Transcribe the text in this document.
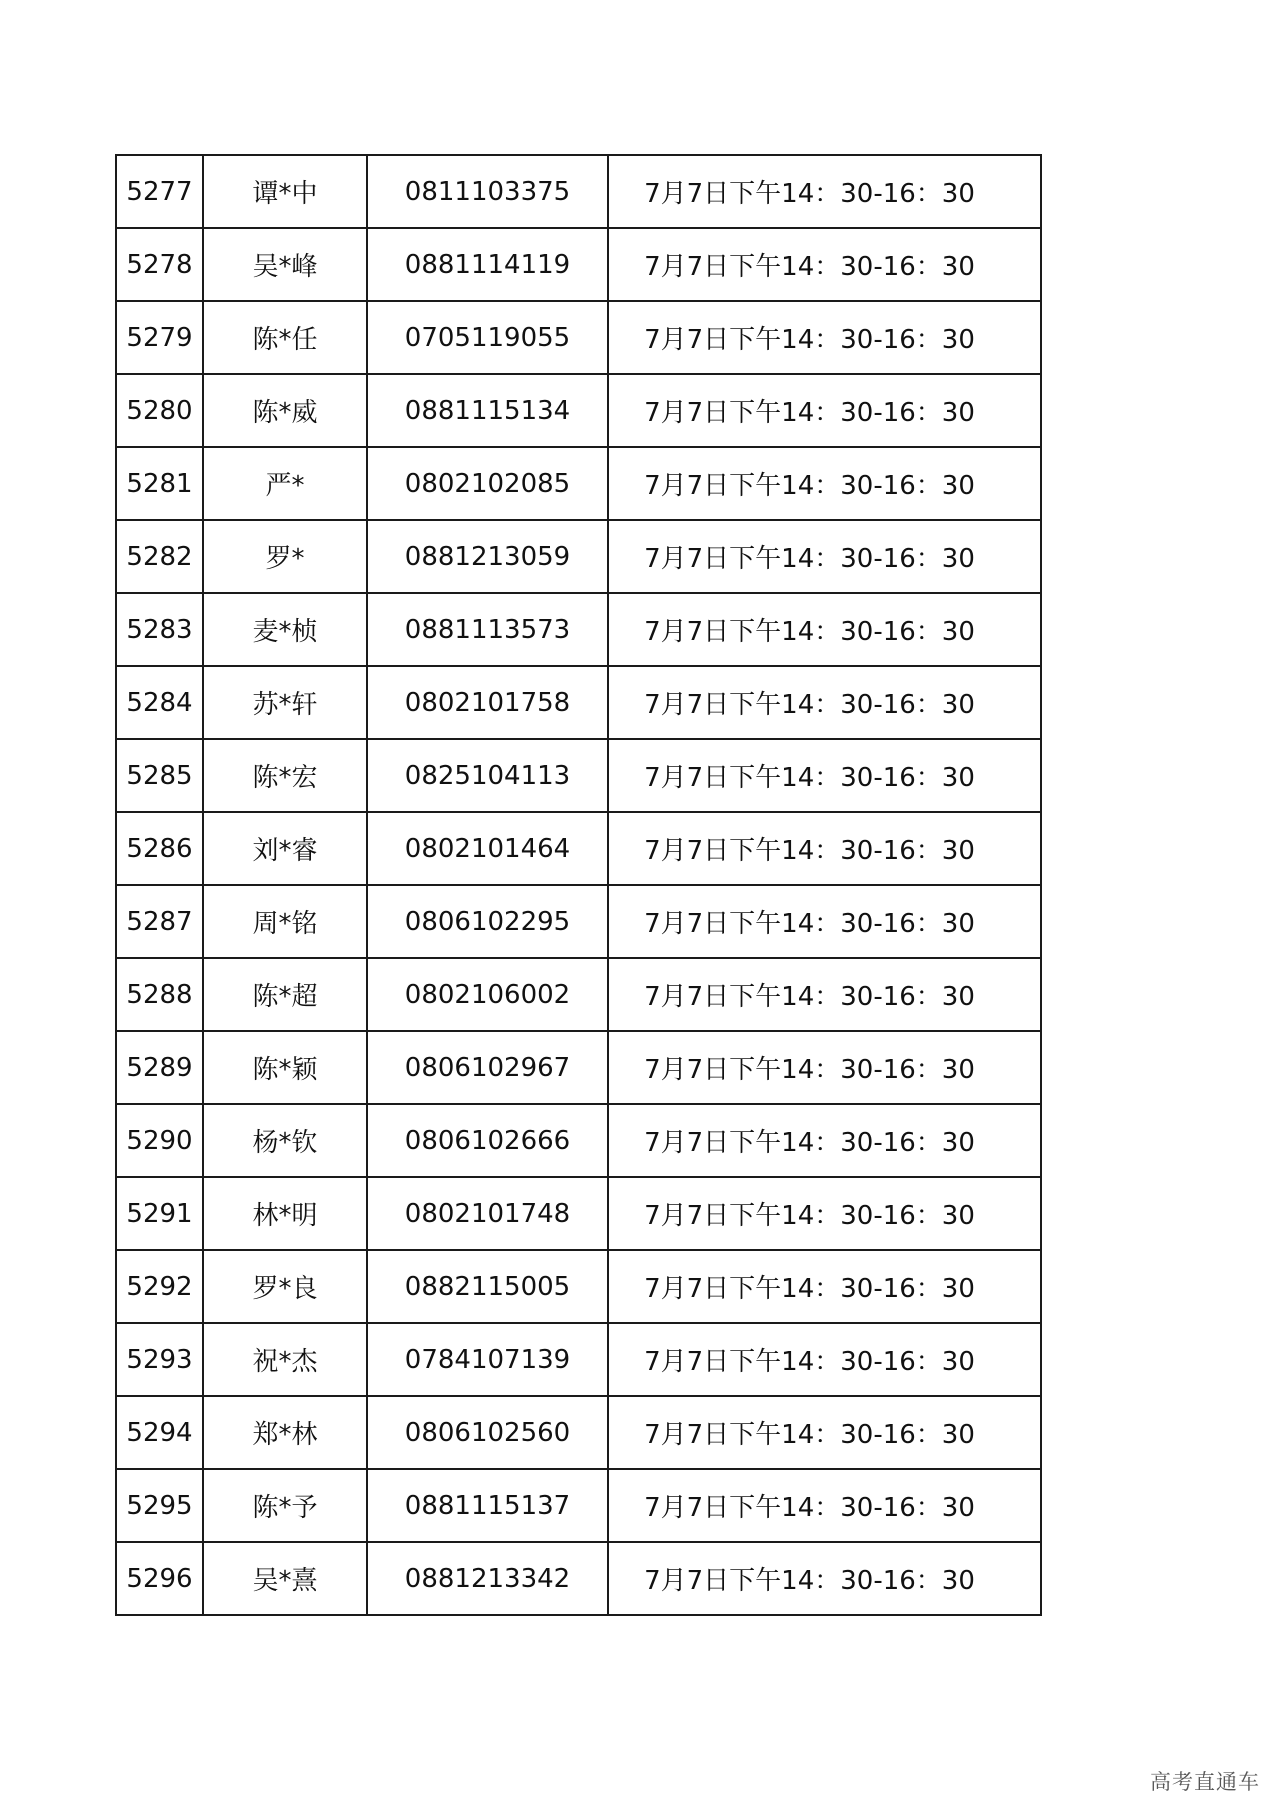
5277	谭*中	0811103375	7月7日下午14：30-16：30
5278	吴*峰	0881114119	7月7日下午14：30-16：30
5279	陈*任	0705119055	7月7日下午14：30-16：30
5280	陈*威	0881115134	7月7日下午14：30-16：30
5281	严*	0802102085	7月7日下午14：30-16：30
5282	罗*	0881213059	7月7日下午14：30-16：30
5283	麦*桢	0881113573	7月7日下午14：30-16：30
5284	苏*轩	0802101758	7月7日下午14：30-16：30
5285	陈*宏	0825104113	7月7日下午14：30-16：30
5286	刘*睿	0802101464	7月7日下午14：30-16：30
5287	周*铭	0806102295	7月7日下午14：30-16：30
5288	陈*超	0802106002	7月7日下午14：30-16：30
5289	陈*颖	0806102967	7月7日下午14：30-16：30
5290	杨*钦	0806102666	7月7日下午14：30-16：30
5291	林*明	0802101748	7月7日下午14：30-16：30
5292	罗*良	0882115005	7月7日下午14：30-16：30
5293	祝*杰	0784107139	7月7日下午14：30-16：30
5294	郑*林	0806102560	7月7日下午14：30-16：30
5295	陈*予	0881115137	7月7日下午14：30-16：30
5296	吴*熹	0881213342	7月7日下午14：30-16：30
高考直通车
